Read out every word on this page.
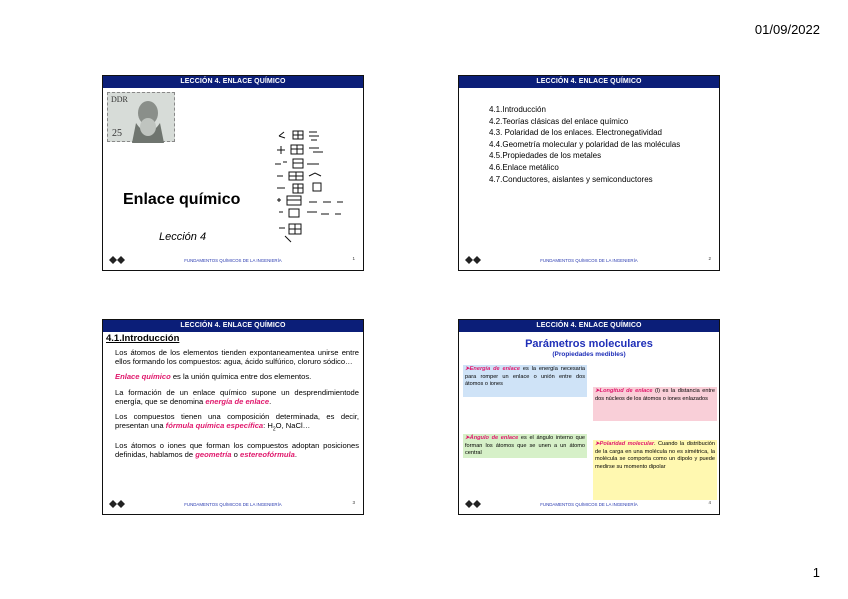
01/09/2022
LECCIÓN 4. ENLACE QUÍMICO
DDR
25
Enlace químico
Lección 4
FUNDAMENTOS QUÍMICOS DE LA INGENIERÍA	1
LECCIÓN 4. ENLACE QUÍMICO
4.1.Introducción
4.2.Teorías clásicas del enlace químico
4.3. Polaridad de los enlaces. Electronegatividad
4.4.Geometría molecular y polaridad de las moléculas
4.5.Propiedades de los metales
4.6.Enlace metálico
4.7.Conductores, aislantes y semiconductores
FUNDAMENTOS QUÍMICOS DE LA INGENIERÍA	2
LECCIÓN 4. ENLACE QUÍMICO
4.1.Introducción

Los átomos de los elementos tienden expontaneamentea unirse entre ellos formando los compuestos: agua, ácido sulfúrico, cloruro sódico…

Enlace químico es la unión química entre dos elementos.

La formación de un enlace químico supone un desprendimientode energía, que se denomina energía de enlace.

Los compuestos tienen una composición determinada, es decir, presentan una fórmula química específica: $H_2O$, NaCl…

Los átomos o iones que forman los compuestos adoptan posiciones definidas, hablamos de geometría o estereofórmula.

FUNDAMENTOS QUÍMICOS DE LA INGENIERÍA	3
LECCIÓN 4. ENLACE QUÍMICO
Parámetros moleculares
(Propiedades medibles)
➤Energía de enlace es la energía necesaria para romper un enlace o unión entre dos átomos o iones
➤Longitud de enlace (l) es la distancia entre dos núcleos de los átomos o iones enlazados
➤Ángulo de enlace es el ángulo interno que forman los átomos que se unen a un átomo central
➤Polaridad molecular. Cuando la distribución de la carga en una molécula no es simétrica, la molécula se comporta como un dipolo y puede medirse su momento dipolar
FUNDAMENTOS QUÍMICOS DE LA INGENIERÍA	4
1
